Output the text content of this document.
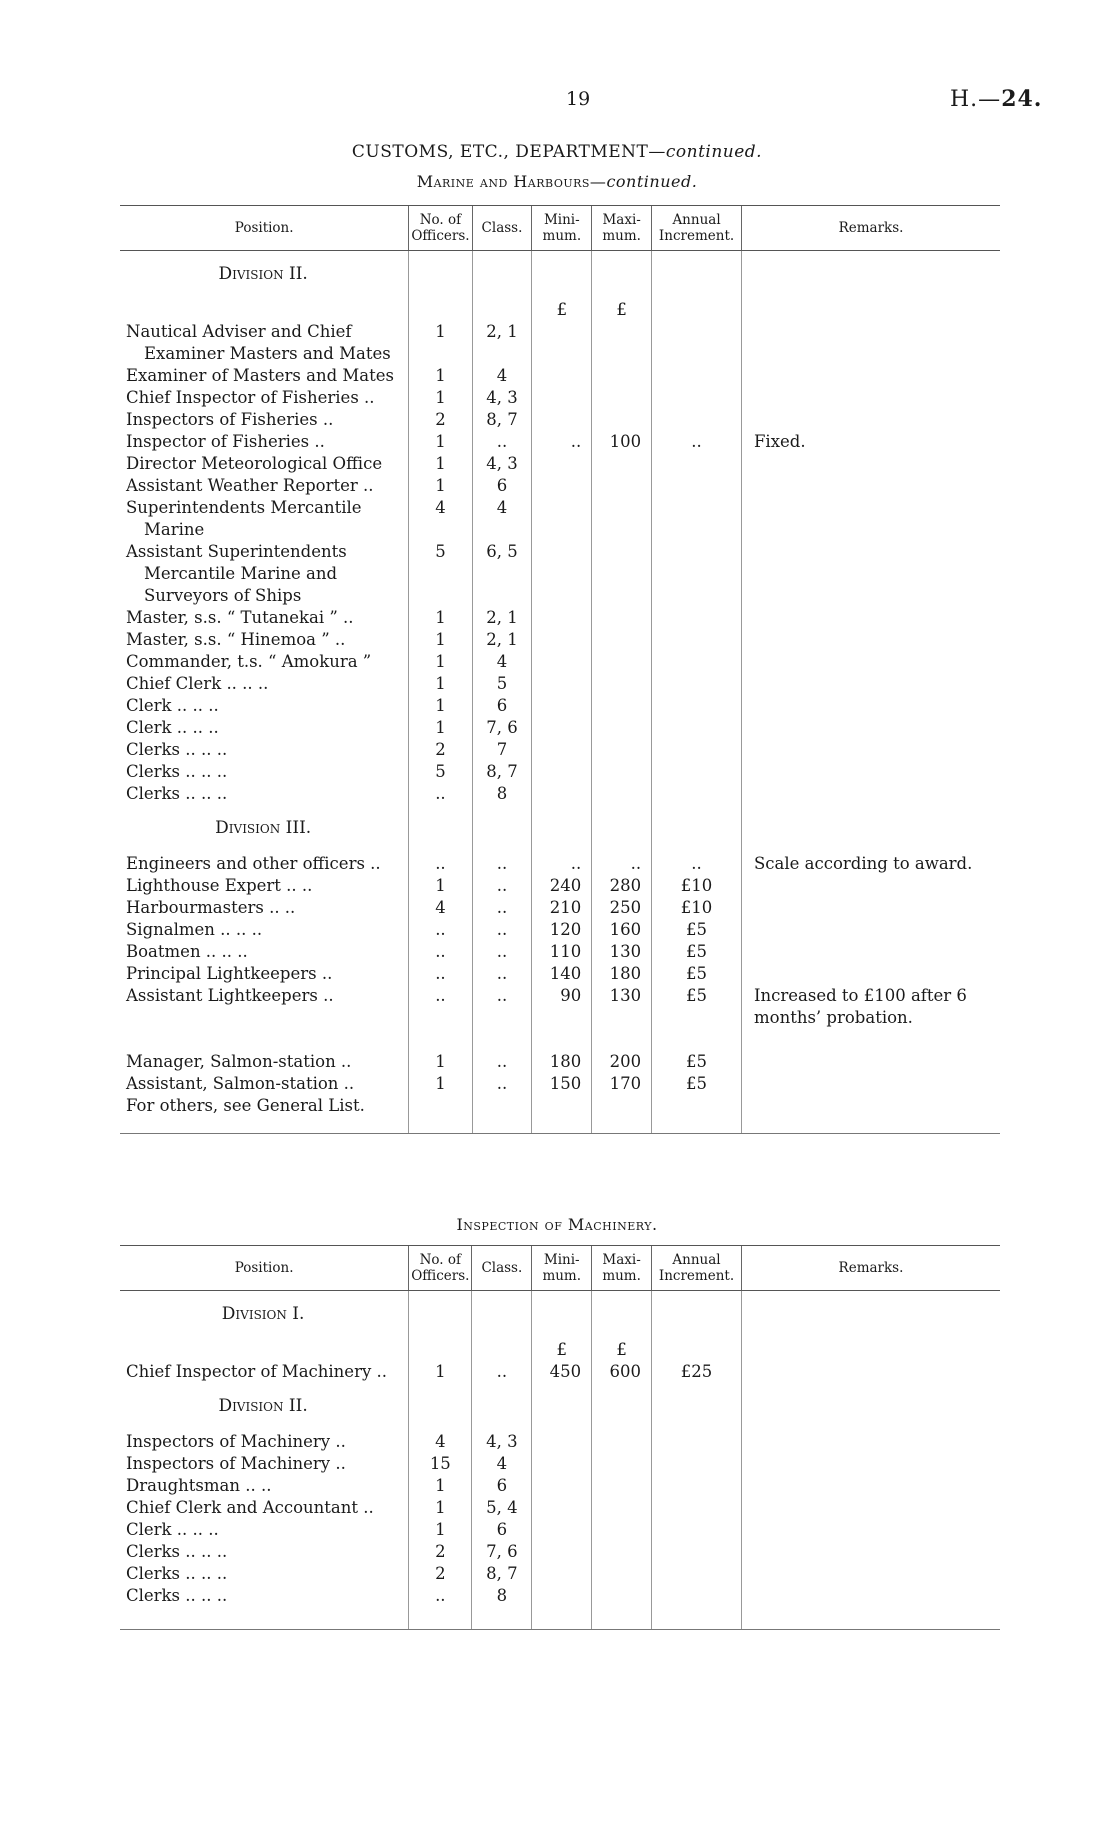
19	H.—24.
CUSTOMS, ETC., DEPARTMENT—continued.
Marine and Harbours—continued.
Position.	No. of Officers.	Class.	Mini- mum.	Maxi- mum.	Annual Increment.	Remarks.
Division II.						
			£	£		

Nautical Adviser and Chief Examiner Masters and Mates	1	2, 1				

Examiner of Masters and Mates	1	4				

Chief Inspector of Fisheries ..	1	4, 3				

Inspectors of Fisheries ..	2	8, 7				

Inspector of Fisheries ..	1	..	..	100	..	Fixed.

Director Meteorological Office	1	4, 3				

Assistant Weather Reporter ..	1	6				

Superintendents Mercantile Marine	4	4				

Assistant Superintendents Mercantile Marine and Surveyors of Ships	5	6, 5				

Master, s.s. “ Tutanekai ” ..	1	2, 1				

Master, s.s. “ Hinemoa ” ..	1	2, 1				

Commander, t.s. “ Amokura ”	1	4				

Chief Clerk .. .. ..	1	5				

Clerk .. .. ..	1	6				

Clerk .. .. ..	1	7, 6				

Clerks .. .. ..	2	7				

Clerks .. .. ..	5	8, 7				

Clerks .. .. ..	..	8				
Division III.						

Engineers and other officers ..	..	..	..	..	..	Scale according to award.

Lighthouse Expert .. ..	1	..	240	280	£10	

Harbourmasters .. ..	4	..	210	250	£10	

Signalmen .. .. ..	..	..	120	160	£5	

Boatmen .. .. ..	..	..	110	130	£5	

Principal Lightkeepers ..	..	..	140	180	£5	

Assistant Lightkeepers ..	..	..	90	130	£5	Increased to £100 after 6 months’ probation.

Manager, Salmon-station ..	1	..	180	200	£5	

Assistant, Salmon-station ..	1	..	150	170	£5	
For others, see General List.						
Inspection of Machinery.
Position.	No. of Officers.	Class.	Mini- mum.	Maxi- mum.	Annual Increment.	Remarks.
Division I.						
			£	£		

Chief Inspector of Machinery ..	1	..	450	600	£25	
Division II.						

Inspectors of Machinery ..	4	4, 3				

Inspectors of Machinery ..	15	4				

Draughtsman .. ..	1	6				

Chief Clerk and Accountant ..	1	5, 4				

Clerk .. .. ..	1	6				

Clerks .. .. ..	2	7, 6				

Clerks .. .. ..	2	8, 7				

Clerks .. .. ..	..	8				
